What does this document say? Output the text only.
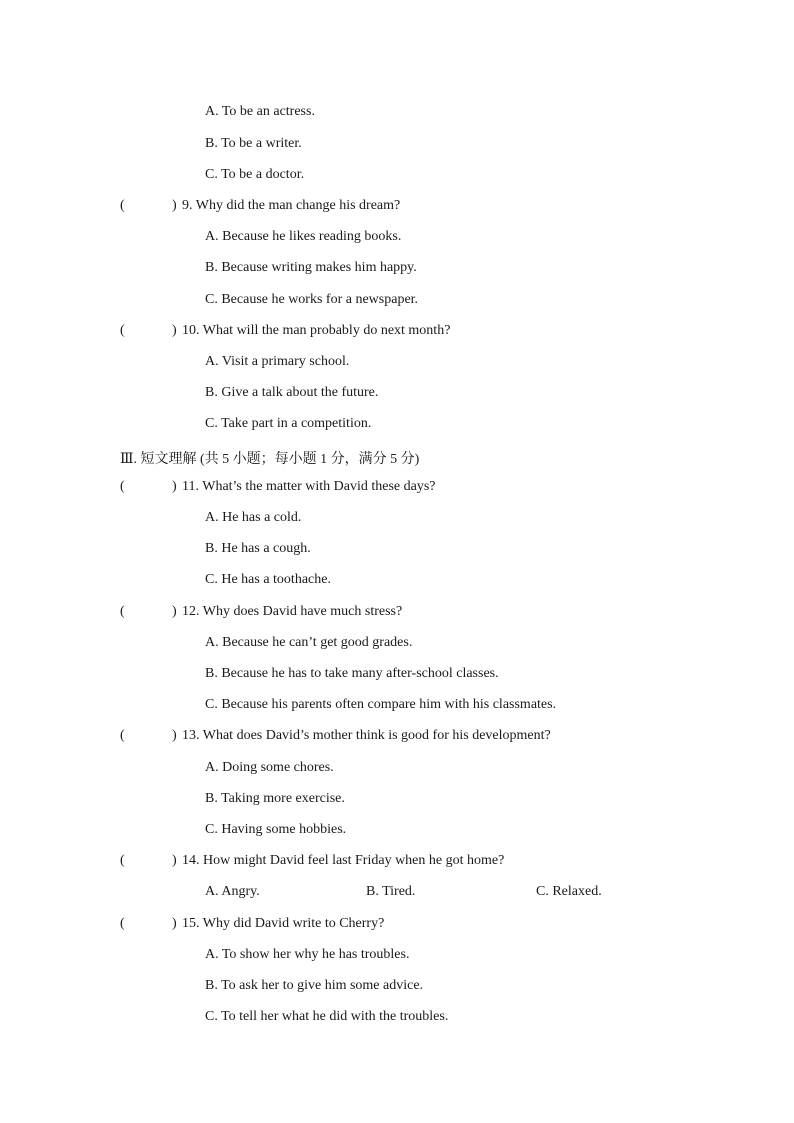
A. To be an actress.
B. To be a writer.
C. To be a doctor.
(	) 9. Why did the man change his dream?
A. Because he likes reading books.
B. Because writing makes him happy.
C. Because he works for a newspaper.
(	) 10. What will the man probably do next month?
A. Visit a primary school.
B. Give a talk about the future.
C. Take part in a competition.
Ⅲ. 短文理解 (共 5 小题；每小题 1 分，满分 5 分)
(	) 11. What’s the matter with David these days?
A. He has a cold.
B. He has a cough.
C. He has a toothache.
(	) 12. Why does David have much stress?
A. Because he can’t get good grades.
B. Because he has to take many after-school classes.
C. Because his parents often compare him with his classmates.
(	) 13. What does David’s mother think is good for his development?
A. Doing some chores.
B. Taking more exercise.
C. Having some hobbies.
(	) 14. How might David feel last Friday when he got home?
A. Angry.	B. Tired.	C. Relaxed.
(	) 15. Why did David write to Cherry?
A. To show her why he has troubles.
B. To ask her to give him some advice.
C. To tell her what he did with the troubles.
